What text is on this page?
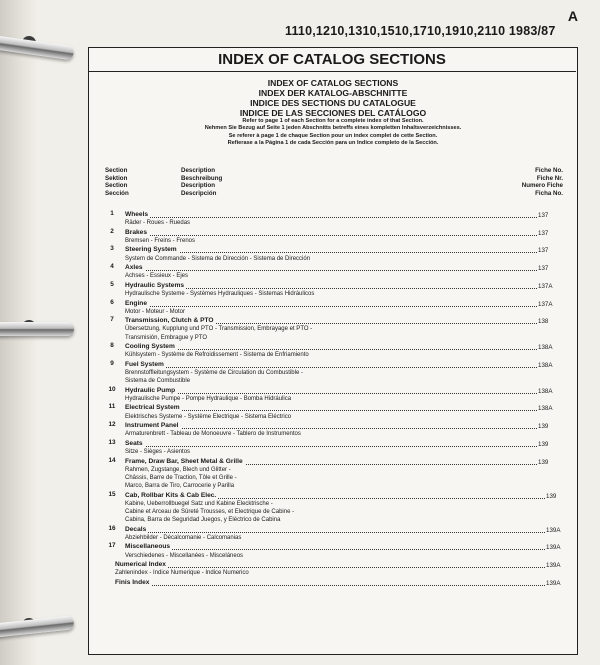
A
1110,1210,1310,1510,1710,1910,2110 1983/87
INDEX OF CATALOG SECTIONS
INDEX OF CATALOG SECTIONS
INDEX DER KATALOG-ABSCHNITTE
INDICE DES SECTIONS DU CATALOGUE
INDICE DE LAS SECCIONES DEL CATÁLOGO
Refer to page 1 of each Section for a complete index of that Section.
Nehmen Sie Bezug auf Seite 1 jeden Abschnitts betreffs eines kompletten Inhaltsverzeichnisses.
Se referer à page 1 de chaque Section pour un index complet de cette Section.
Refierase a la Página 1 de cada Sección para un Indice completo de la Sección.
Section
Sektion
Section
Sección
Description
Beschreibung
Description
Descripción
Fiche No.
Fiche Nr.
Numero Fiche
Ficha No.
1	Wheels	137
Räder - Roues - Ruedas
2	Brakes	137
Bremsen - Freins - Frenos
3	Steering System	137
System de Commande - Sistema de Dirección - Sistema de Dirección
4	Axles	137
Achses - Essieux - Ejes
5	Hydraulic Systems	137A
Hydraulische Systeme - Systèmes Hydrauliques - Sistemas Hidráulicos
6	Engine	137A
Motor - Moteur - Motor
7	Transmission, Clutch & PTO	138
Übersetzung, Kupplung und PTO - Transmission, Embrayage et PTO -
Transmisión, Embrague y PTO
8	Cooling System	138A
Kühlsystem - Système de Refroidissement - Sistema de Enfriamiento
9	Fuel System	138A
Brennstoffleitungsystem - Système de Circulation du Combustible -
Sistema de Combustible
10	Hydraulic Pump	138A
Hydraulische Pumpe - Pompe Hydraulique - Bomba Hidráulica
11	Electrical System	138A
Elektrisches Systeme - Système Electrique - Sistema Eléctrico
12	Instrument Panel	139
Armaturenbrett - Tableau de Monoeuvre - Tablero de Instrumentos
13	Seats	139
Sitze - Sièges - Asientos
14	Frame, Draw Bar, Sheet Metal & Grille	139
Rahmen, Zugstange, Blech und Glitter -
Châssis, Barre de Traction, Tôle et Grille -
Marco, Barra de Tiro, Carrocerie y Parilla
15	Cab, Rollbar Kits & Cab Elec.	139
Kabine, Ueberrollbuegel Satz und Kabine Elecktrische -
Cabine et Arceau de Sûreté Trousses, et Electrique de Cabine -
Cabina, Barra de Seguridad Juegos, y Eléctrico de Cabina
16	Decals	139A
Abziehbilder - Décalcomanie - Calcomanias
17	Miscellaneous	139A
Verschiedenes - Miscellanées - Misceláneos
Numerical Index	139A
Zahlenindex - Indice Numerique - Indice Numerico
Finis Index	139A
